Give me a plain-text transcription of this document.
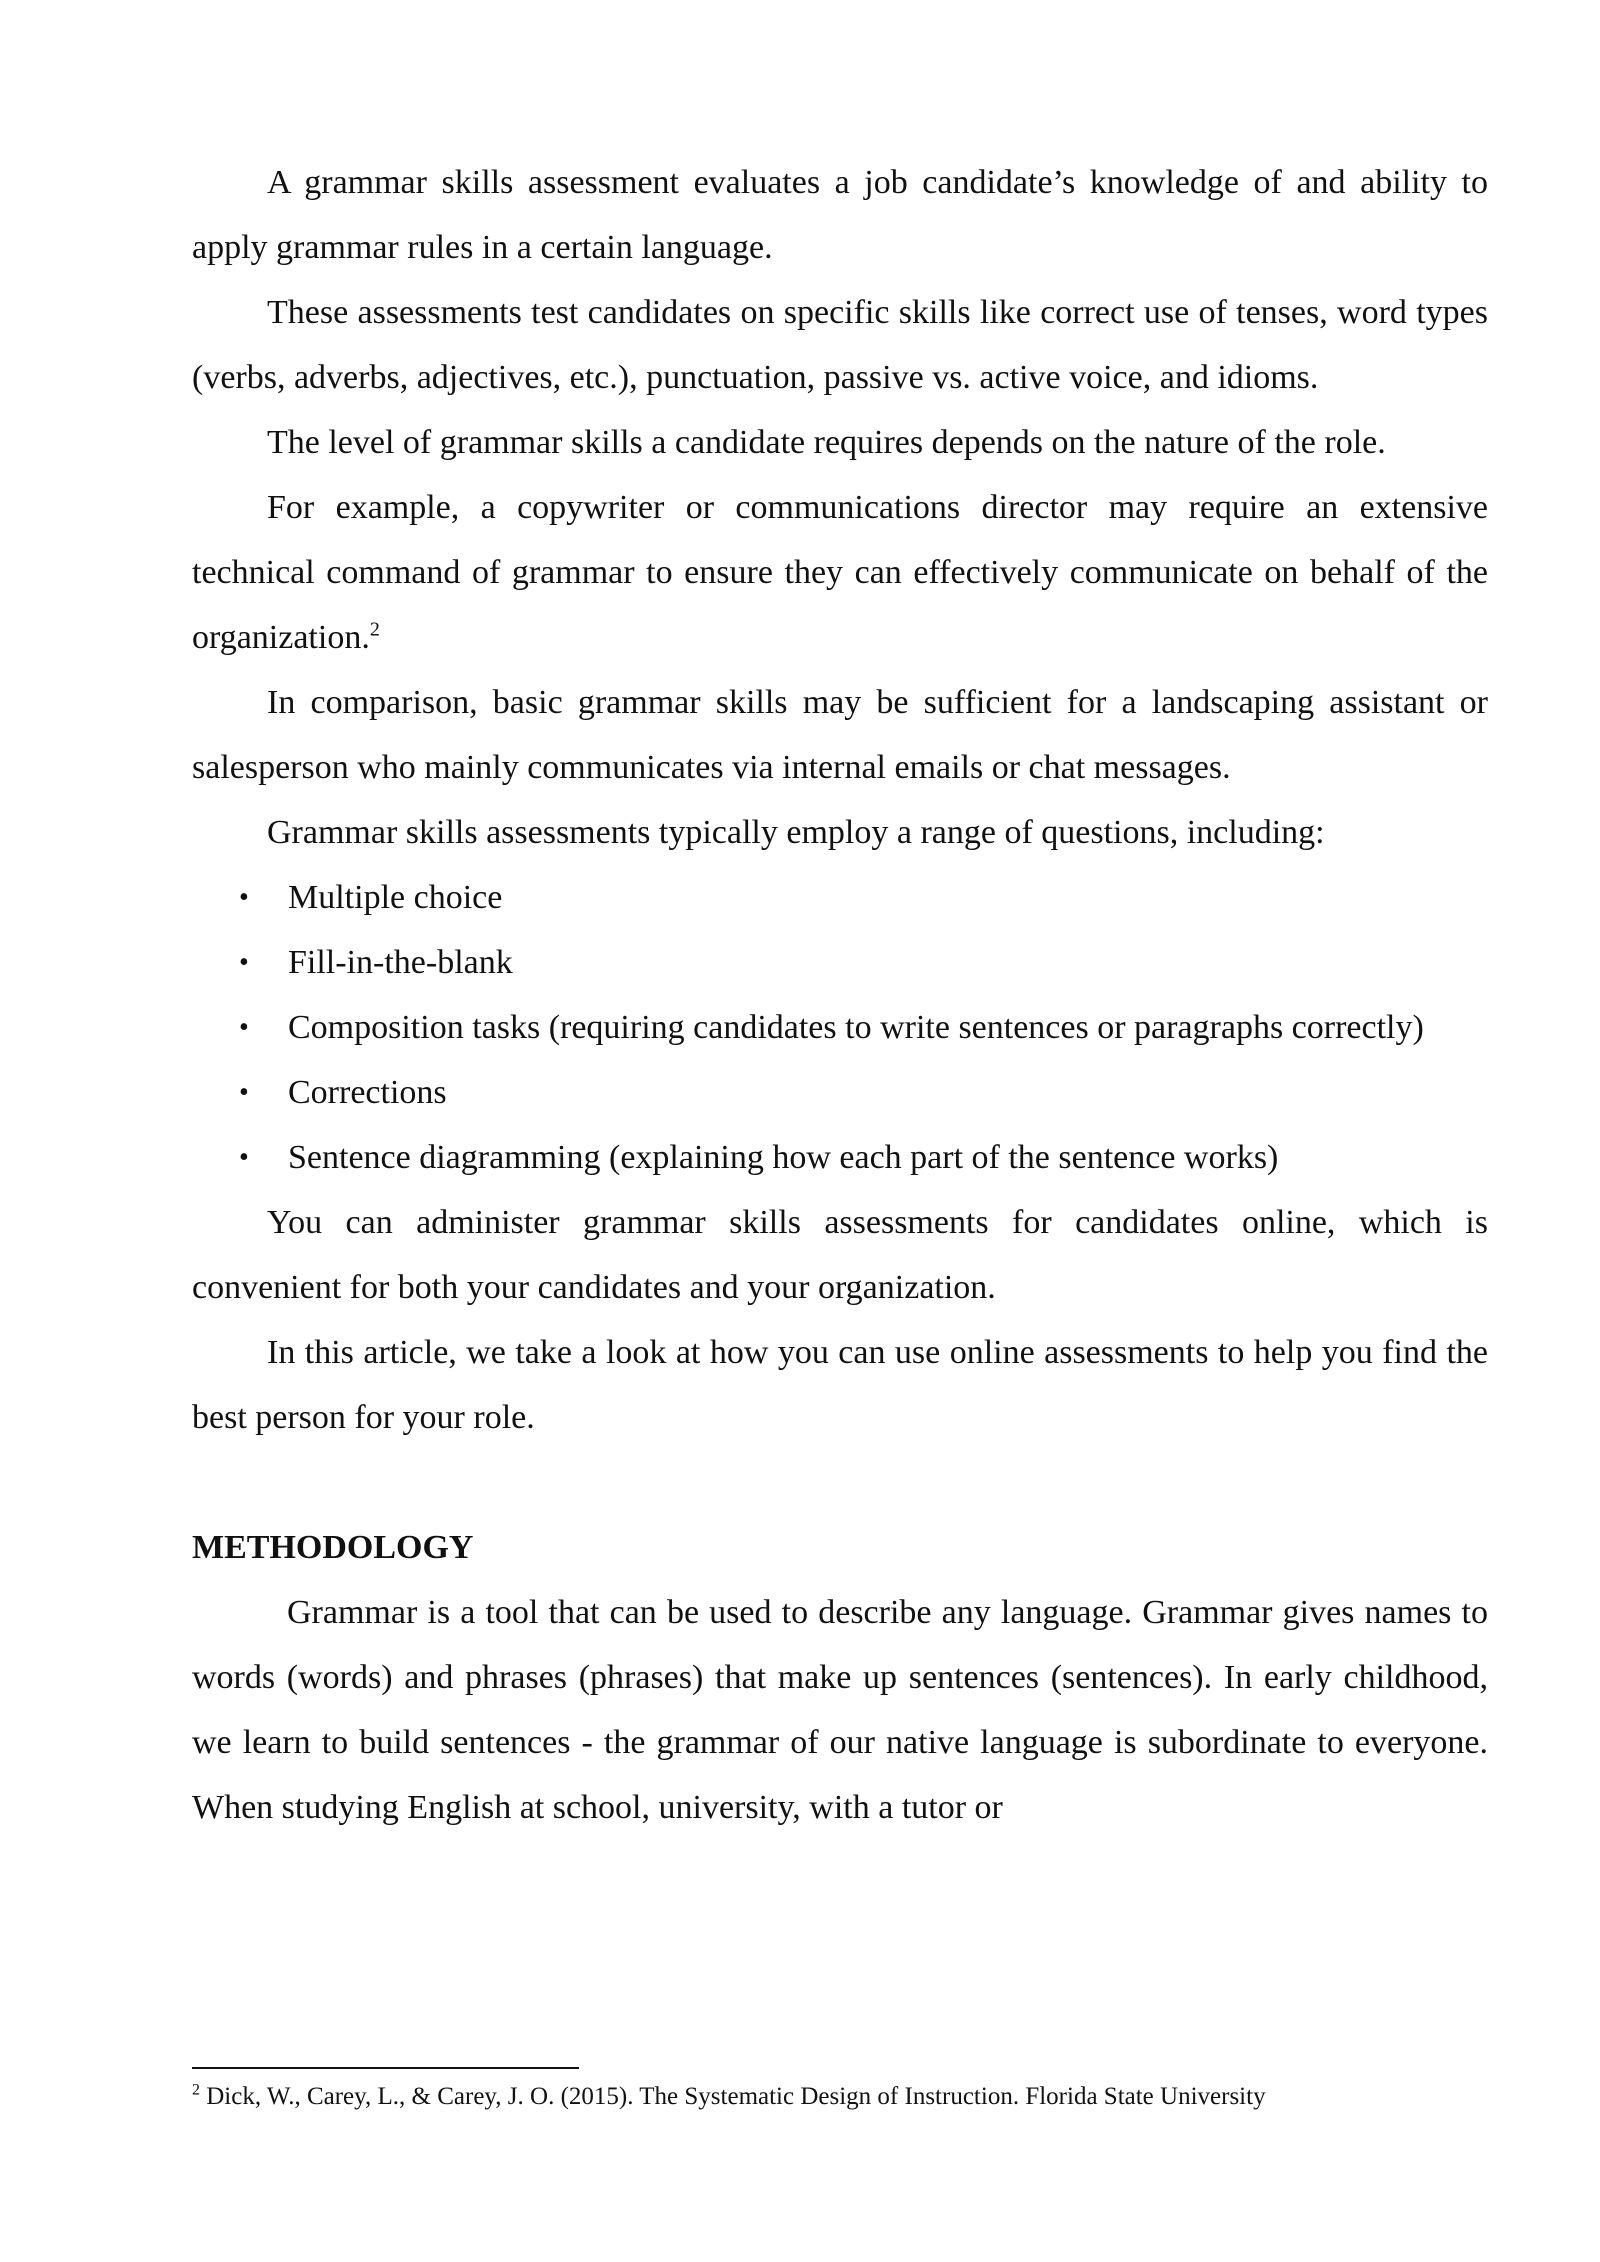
A grammar skills assessment evaluates a job candidate’s knowledge of and ability to apply grammar rules in a certain language.

These assessments test candidates on specific skills like correct use of tenses, word types (verbs, adverbs, adjectives, etc.), punctuation, passive vs. active voice, and idioms.

The level of grammar skills a candidate requires depends on the nature of the role.

For example, a copywriter or communications director may require an extensive technical command of grammar to ensure they can effectively communicate on behalf of the organization.$^2$

In comparison, basic grammar skills may be sufficient for a landscaping assistant or salesperson who mainly communicates via internal emails or chat messages.

Grammar skills assessments typically employ a range of questions, including:

• Multiple choice
• Fill-in-the-blank
• Composition tasks (requiring candidates to write sentences or paragraphs correctly)
• Corrections
• Sentence diagramming (explaining how each part of the sentence works)

You can administer grammar skills assessments for candidates online, which is convenient for both your candidates and your organization.

In this article, we take a look at how you can use online assessments to help you find the best person for your role.

METHODOLOGY

Grammar is a tool that can be used to describe any language. Grammar gives names to words (words) and phrases (phrases) that make up sentences (sentences). In early childhood, we learn to build sentences - the grammar of our native language is subordinate to everyone. When studying English at school, university, with a tutor or

$^2$ Dick, W., Carey, L., & Carey, J. O. (2015). The Systematic Design of Instruction. Florida State University
